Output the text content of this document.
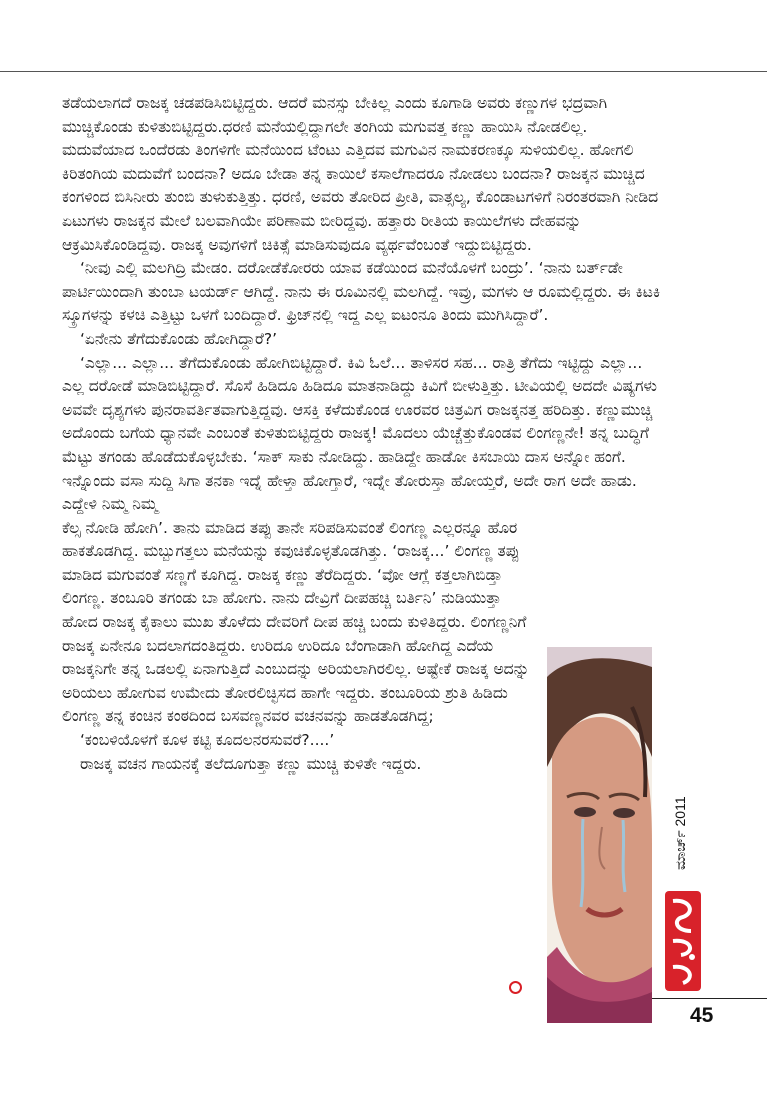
ತಡೆಯಲಾಗದೆ ರಾಜಕ್ಕ ಚಡಪಡಿಸಿಬಿಟ್ಟಿದ್ದರು. ಆದರೆ ಮನಸ್ಸು ಬೇಕಿಲ್ಲ ಎಂದು ಕೂಗಾಡಿ ಅವರು ಕಣ್ಣುಗಳ ಭದ್ರವಾಗಿ ಮುಚ್ಚಿಕೊಂಡು ಕುಳಿತುಬಿಟ್ಟಿದ್ದರು.ಧರಣಿ ಮನೆಯಲ್ಲಿದ್ದಾಗಲೇ ತಂಗಿಯ ಮಗುವತ್ತ ಕಣ್ಣು ಹಾಯಿಸಿ ನೋಡಲಿಲ್ಲ. ಮದುವೆಯಾದ ಒಂದೆರಡು ತಿಂಗಳಿಗೇ ಮನೆಯಿಂದ ಟೆಂಟು ಎತ್ತಿದವ ಮಗುವಿನ ನಾಮಕರಣಕ್ಕೂ ಸುಳಿಯಲಿಲ್ಲ. ಹೋಗಲಿ ಕಿರಿತಂಗಿಯ ಮದುವೆಗೆ ಬಂದನಾ? ಅದೂ ಬೇಡಾ ತನ್ನ ಕಾಯಿಲೆ ಕಸಾಲೆಗಾದರೂ ನೋಡಲು ಬಂದನಾ? ರಾಜಕ್ಕನ ಮುಚ್ಚಿದ ಕಂಗಳಿಂದ ಬಿಸಿನೀರು ತುಂಬಿ ತುಳುಕುತ್ತಿತ್ತು. ಧರಣಿ, ಅವರು ತೋರಿದ ಪ್ರೀತಿ, ವಾತ್ಸಲ್ಯ, ಕೊಂಡಾಟಗಳಿಗೆ ನಿರಂತರವಾಗಿ ನೀಡಿದ ಏಟುಗಳು ರಾಜಕ್ಕನ ಮೇಲೆ ಬಲವಾಗಿಯೇ ಪರಿಣಾಮ ಬೀರಿದ್ದವು. ಹತ್ತಾರು ರೀತಿಯ ಕಾಯಿಲೆಗಳು ದೇಹವನ್ನು ಆಕ್ರಮಿಸಿಕೊಂಡಿದ್ದವು. ರಾಜಕ್ಕ ಅವುಗಳಿಗೆ ಚಿಕಿತ್ಸೆ ಮಾಡಿಸುವುದೂ ವ್ಯರ್ಥವೆಂಬಂತೆ ಇದ್ದುಬಿಟ್ಟಿದ್ದರು.

‘ನೀವು ಎಲ್ಲಿ ಮಲಗಿದ್ರಿ ಮೇಡಂ. ದರೋಡೆಕೋರರು ಯಾವ ಕಡೆಯಿಂದ ಮನೆಯೊಳಗೆ ಬಂದ್ರು’. ‘ನಾನು ಬರ್ತ್‌ಡೇ ಪಾರ್ಟಿಯಿಂದಾಗಿ ತುಂಬಾ ಟಯರ್ಡ್ ಆಗಿದ್ದೆ. ನಾನು ಈ ರೂಮಿನಲ್ಲಿ ಮಲಗಿದ್ದೆ. ಇವ್ರು, ಮಗಳು ಆ ರೂಮಲ್ಲಿದ್ದರು. ಈ ಕಿಟಕಿ ಸ್ಕ್ರೂಗಳನ್ನು ಕಳಚಿ ಎತ್ತಿಟ್ಟು ಒಳಗೆ ಬಂದಿದ್ದಾರೆ. ಫ್ರಿಜ್‌ನಲ್ಲಿ ಇದ್ದ ಎಲ್ಲ ಐಟಂನೂ ತಿಂದು ಮುಗಿಸಿದ್ದಾರೆ’.

‘ಏನೇನು ತೆಗೆದುಕೊಂಡು ಹೋಗಿದ್ದಾರೆ?’

‘ಎಲ್ಲಾ... ಎಲ್ಲಾ... ತೆಗೆದುಕೊಂಡು ಹೋಗಿಬಿಟ್ಟಿದ್ದಾರೆ. ಕಿವಿ ಓಲೆ... ತಾಳಿಸರ ಸಹ... ರಾತ್ರಿ ತೆಗೆದು ಇಟ್ಟಿದ್ದು ಎಲ್ಲಾ... ಎಲ್ಲ ದರೋಡೆ ಮಾಡಿಬಿಟ್ಟಿದ್ದಾರೆ. ಸೊಸೆ ಹಿಡಿದೂ ಹಿಡಿದೂ ಮಾತನಾಡಿದ್ದು ಕಿವಿಗೆ ಬೀಳುತ್ತಿತ್ತು. ಟೀವಿಯಲ್ಲಿ ಅದದೇ ವಿಷ್ಯಗಳು ಅವವೇ ದೃಶ್ಯಗಳು ಪುನರಾವರ್ತಿತವಾಗುತ್ತಿದ್ದವು. ಆಸಕ್ತಿ ಕಳೆದುಕೊಂಡ ಊರವರ ಚಿತ್ರವಿಗ ರಾಜಕ್ಕನತ್ತ ಹರಿದಿತ್ತು. ಕಣ್ಣುಮುಚ್ಚಿ ಅದೊಂದು ಬಗೆಯ ಧ್ಯಾನವೇ ಎಂಬಂತೆ ಕುಳಿತುಬಿಟ್ಟಿದ್ದರು ರಾಜಕ್ಕ! ಮೊದಲು ಯೆಚ್ಚೆತ್ತುಕೊಂಡವ ಲಿಂಗಣ್ಣನೇ! ತನ್ನ ಬುದ್ಧಿಗೆ ಮೆಟ್ಟು ತಗಂಡು ಹೊಡೆದುಕೊಳ್ಳಬೇಕು. ‘ಸಾಕ್ ಸಾಕು ನೋಡಿದ್ದು. ಹಾಡಿದ್ದೇ ಹಾಡೋ ಕಿಸಬಾಯಿ ದಾಸ ಅನ್ನೋ ಹಂಗೆ. ಇನ್ನೊಂದು ವಸಾ ಸುದ್ದಿ ಸಿಗಾ ತನಕಾ ಇದ್ನೆ ಹೇಳ್ತಾ ಹೋಗ್ತಾರೆ, ಇದ್ನೇ ತೋರುಸ್ತಾ ಹೋಯ್ತರೆ, ಅದೇ ರಾಗ ಅದೇ ಹಾಡು. ಎದ್ದೇಳಿ ನಿಮ್ಮ ನಿಮ್ಮ

ಕೆಲ್ಸ ನೋಡಿ ಹೋಗಿ’. ತಾನು ಮಾಡಿದ ತಪ್ಪು ತಾನೇ ಸರಿಪಡಿಸುವಂತೆ ಲಿಂಗಣ್ಣ ಎಲ್ಲರನ್ನೂ ಹೊರ ಹಾಕತೊಡಗಿದ್ದ. ಮಬ್ಬುಗತ್ತಲು ಮನೆಯನ್ನು ಕವುಚಿಕೊಳ್ಳತೊಡಗಿತ್ತು. ‘ರಾಜಕ್ಕ...’ ಲಿಂಗಣ್ಣ ತಪ್ಪು ಮಾಡಿದ ಮಗುವಂತೆ ಸಣ್ಣಗೆ ಕೂಗಿದ್ದ. ರಾಜಕ್ಕ ಕಣ್ಣು ತೆರೆದಿದ್ದರು. ‘ವೋ ಆಗ್ಲೆ ಕತ್ತಲಾಗಿಬಿಡ್ತಾ ಲಿಂಗಣ್ಣ. ತಂಬೂರಿ ತಗಂಡು ಬಾ ಹೋಗು. ನಾನು ದೇವ್ರಿಗೆ ದೀಪಹಚ್ಚಿ ಬರ್ತಿನಿ’ ನುಡಿಯುತ್ತಾ ಹೋದ ರಾಜಕ್ಕ ಕೈಕಾಲು ಮುಖ ತೊಳೆದು ದೇವರಿಗೆ ದೀಪ ಹಚ್ಚಿ ಬಂದು ಕುಳಿತಿದ್ದರು. ಲಿಂಗಣ್ಣನಿಗೆ ರಾಜಕ್ಕ ಏನೇನೂ ಬದಲಾಗದಂತಿದ್ದರು. ಉರಿದೂ ಉರಿದೂ ಬೆಂಗಾಡಾಗಿ ಹೋಗಿದ್ದ ಎದೆಯ ರಾಜಕ್ಕನಿಗೇ ತನ್ನ ಒಡಲಲ್ಲಿ ಏನಾಗುತ್ತಿದೆ ಎಂಬುದನ್ನು ಅರಿಯಲಾಗಿರಲಿಲ್ಲ. ಅಷ್ಟೇಕೆ ರಾಜಕ್ಕ ಅದನ್ನು ಅರಿಯಲು ಹೋಗುವ ಉಮೇದು ತೋರಲಿಚ್ಛಿಸದ ಹಾಗೇ ಇದ್ದರು. ತಂಬೂರಿಯ ಶ್ರುತಿ ಹಿಡಿದು ಲಿಂಗಣ್ಣ ತನ್ನ ಕಂಚಿನ ಕಂಠದಿಂದ ಬಸವಣ್ಣನವರ ವಚನವನ್ನು ಹಾಡತೊಡಗಿದ್ದ;

‘ಕಂಬಳಿಯೊಳಗೆ ಕೂಳ ಕಟ್ಟಿ ಕೂದಲನರಸುವರೆ?....’

ರಾಜಕ್ಕ ವಚನ ಗಾಯನಕ್ಕೆ ತಲೆದೂಗುತ್ತಾ ಕಣ್ಣು ಮುಚ್ಚಿ ಕುಳಿತೇ ಇದ್ದರು.

ಮಾರ್ಚ್ 2011
45
